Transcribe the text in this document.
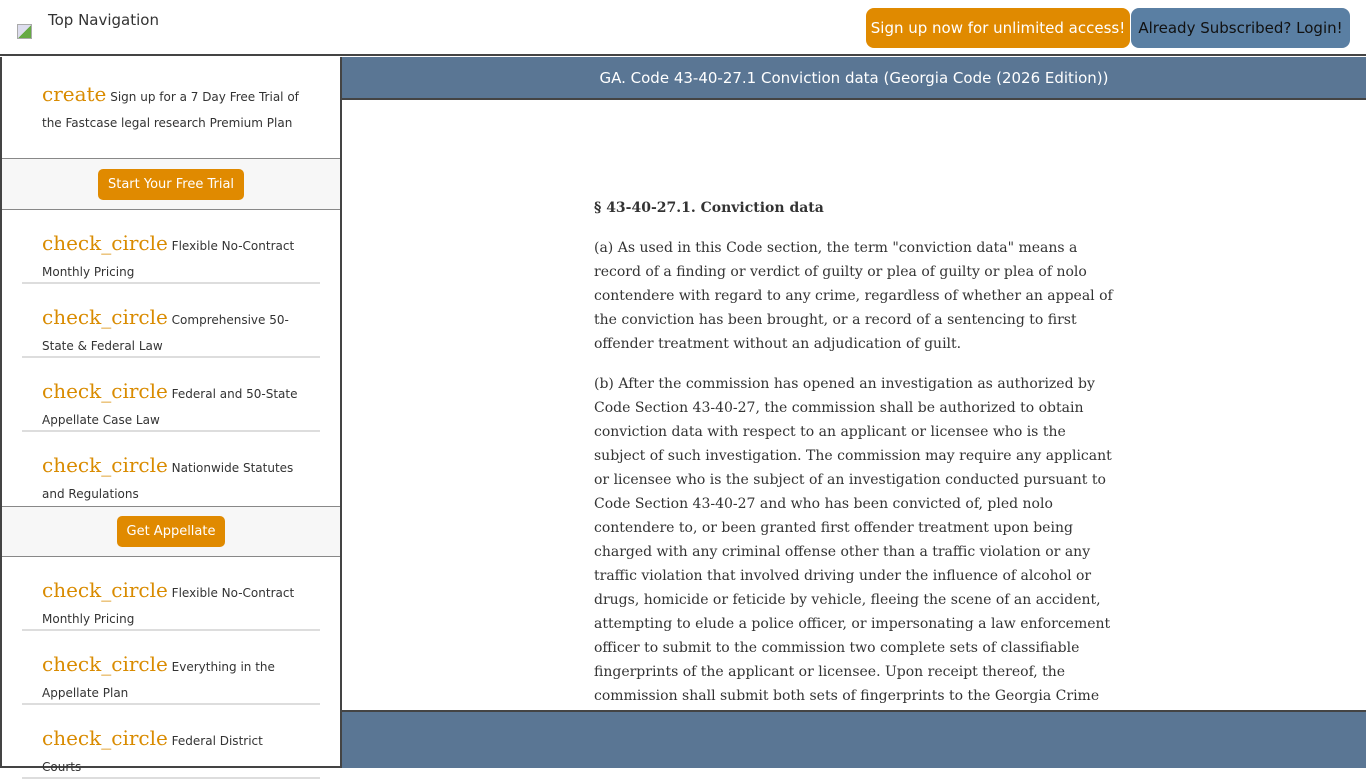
Top Navigation	Sign up now for unlimited access! Already Subscribed? Login!
create Sign up for a 7 Day Free Trial of the Fastcase legal research Premium Plan
Start Your Free Trial
check_circle Flexible No-Contract Monthly Pricing
check_circle Comprehensive 50-State & Federal Law
check_circle Federal and 50-State Appellate Case Law
check_circle Nationwide Statutes and Regulations
Get Appellate
check_circle Flexible No-Contract Monthly Pricing
check_circle Everything in the Appellate Plan
check_circle Federal District Courts
GA. Code 43-40-27.1 Conviction data (Georgia Code (2026 Edition))
§ 43-40-27.1. Conviction data

(a) As used in this Code section, the term "conviction data" means a record of a finding or verdict of guilty or plea of guilty or plea of nolo contendere with regard to any crime, regardless of whether an appeal of the conviction has been brought, or a record of a sentencing to first offender treatment without an adjudication of guilt.

(b) After the commission has opened an investigation as authorized by Code Section 43-40-27, the commission shall be authorized to obtain conviction data with respect to an applicant or licensee who is the subject of such investigation. The commission may require any applicant or licensee who is the subject of an investigation conducted pursuant to Code Section 43-40-27 and who has been convicted of, pled nolo contendere to, or been granted first offender treatment upon being charged with any criminal offense other than a traffic violation or any traffic violation that involved driving under the influence of alcohol or drugs, homicide or feticide by vehicle, fleeing the scene of an accident, attempting to elude a police officer, or impersonating a law enforcement officer to submit to the commission two complete sets of classifiable fingerprints of the applicant or licensee. Upon receipt thereof, the commission shall submit both sets of fingerprints to the Georgia Crime
